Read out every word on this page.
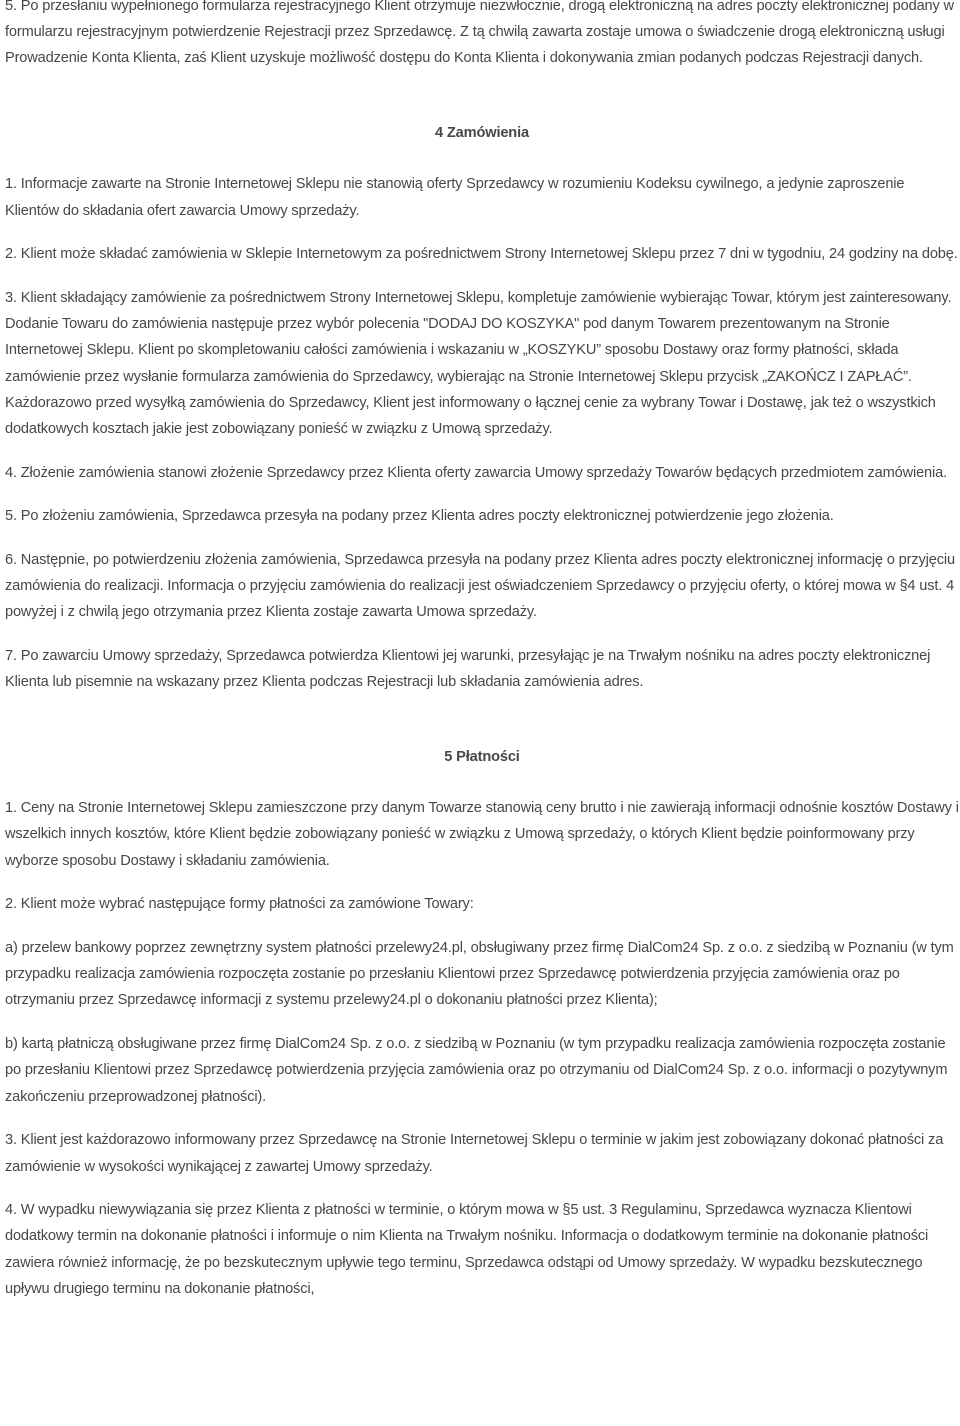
5. Po przesłaniu wypełnionego formularza rejestracyjnego Klient otrzymuje niezwłocznie, drogą elektroniczną na adres poczty elektronicznej podany w formularzu rejestracyjnym potwierdzenie Rejestracji przez Sprzedawcę. Z tą chwilą zawarta zostaje umowa o świadczenie drogą elektroniczną usługi Prowadzenie Konta Klienta, zaś Klient uzyskuje możliwość dostępu do Konta Klienta i dokonywania zmian podanych podczas Rejestracji danych.

4 Zamówienia

1. Informacje zawarte na Stronie Internetowej Sklepu nie stanowią oferty Sprzedawcy w rozumieniu Kodeksu cywilnego, a jedynie zaproszenie Klientów do składania ofert zawarcia Umowy sprzedaży.

2. Klient może składać zamówienia w Sklepie Internetowym za pośrednictwem Strony Internetowej Sklepu przez 7 dni w tygodniu, 24 godziny na dobę.

3. Klient składający zamówienie za pośrednictwem Strony Internetowej Sklepu, kompletuje zamówienie wybierając Towar, którym jest zainteresowany. Dodanie Towaru do zamówienia następuje przez wybór polecenia "DODAJ DO KOSZYKA" pod danym Towarem prezentowanym na Stronie Internetowej Sklepu. Klient po skompletowaniu całości zamówienia i wskazaniu w „KOSZYKU” sposobu Dostawy oraz formy płatności, składa zamówienie przez wysłanie formularza zamówienia do Sprzedawcy, wybierając na Stronie Internetowej Sklepu przycisk „ZAKOŃCZ I ZAPŁAĆ”. Każdorazowo przed wysyłką zamówienia do Sprzedawcy, Klient jest informowany o łącznej cenie za wybrany Towar i Dostawę, jak też o wszystkich dodatkowych kosztach jakie jest zobowiązany ponieść w związku z Umową sprzedaży.

4. Złożenie zamówienia stanowi złożenie Sprzedawcy przez Klienta oferty zawarcia Umowy sprzedaży Towarów będących przedmiotem zamówienia.

5. Po złożeniu zamówienia, Sprzedawca przesyła na podany przez Klienta adres poczty elektronicznej potwierdzenie jego złożenia.

6. Następnie, po potwierdzeniu złożenia zamówienia, Sprzedawca przesyła na podany przez Klienta adres poczty elektronicznej informację o przyjęciu zamówienia do realizacji. Informacja o przyjęciu zamówienia do realizacji jest oświadczeniem Sprzedawcy o przyjęciu oferty, o której mowa w §4 ust. 4 powyżej i z chwilą jego otrzymania przez Klienta zostaje zawarta Umowa sprzedaży.

7. Po zawarciu Umowy sprzedaży, Sprzedawca potwierdza Klientowi jej warunki, przesyłając je na Trwałym nośniku na adres poczty elektronicznej Klienta lub pisemnie na wskazany przez Klienta podczas Rejestracji lub składania zamówienia adres.

5 Płatności

1. Ceny na Stronie Internetowej Sklepu zamieszczone przy danym Towarze stanowią ceny brutto i nie zawierają informacji odnośnie kosztów Dostawy i wszelkich innych kosztów, które Klient będzie zobowiązany ponieść w związku z Umową sprzedaży, o których Klient będzie poinformowany przy wyborze sposobu Dostawy i składaniu zamówienia.

2. Klient może wybrać następujące formy płatności za zamówione Towary:

a) przelew bankowy poprzez zewnętrzny system płatności przelewy24.pl, obsługiwany przez firmę DialCom24 Sp. z o.o. z siedzibą w Poznaniu (w tym przypadku realizacja zamówienia rozpoczęta zostanie po przesłaniu Klientowi przez Sprzedawcę potwierdzenia przyjęcia zamówienia oraz po otrzymaniu przez Sprzedawcę informacji z systemu przelewy24.pl o dokonaniu płatności przez Klienta);

b) kartą płatniczą obsługiwane przez firmę DialCom24 Sp. z o.o. z siedzibą w Poznaniu (w tym przypadku realizacja zamówienia rozpoczęta zostanie po przesłaniu Klientowi przez Sprzedawcę potwierdzenia przyjęcia zamówienia oraz po otrzymaniu od DialCom24 Sp. z o.o. informacji o pozytywnym zakończeniu przeprowadzonej płatności).

3. Klient jest każdorazowo informowany przez Sprzedawcę na Stronie Internetowej Sklepu o terminie w jakim jest zobowiązany dokonać płatności za zamówienie w wysokości wynikającej z zawartej Umowy sprzedaży.

4. W wypadku niewywiązania się przez Klienta z płatności w terminie, o którym mowa w §5 ust. 3 Regulaminu, Sprzedawca wyznacza Klientowi dodatkowy termin na dokonanie płatności i informuje o nim Klienta na Trwałym nośniku. Informacja o dodatkowym terminie na dokonanie płatności zawiera również informację, że po bezskutecznym upływie tego terminu, Sprzedawca odstąpi od Umowy sprzedaży. W wypadku bezskutecznego upływu drugiego terminu na dokonanie płatności,
